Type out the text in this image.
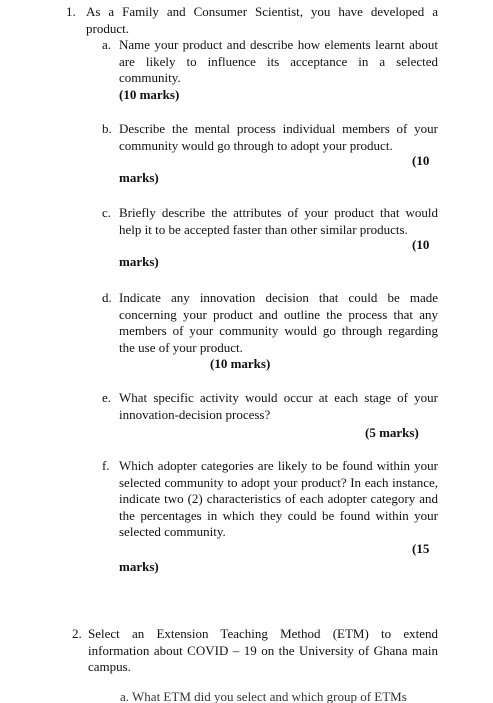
1. As a Family and Consumer Scientist, you have developed a product.
a. Name your product and describe how elements learnt about are likely to influence its acceptance in a selected community.
(10 marks)
b. Describe the mental process individual members of your community would go through to adopt your product.
(10
marks)
c. Briefly describe the attributes of your product that would help it to be accepted faster than other similar products.
(10
marks)
d. Indicate any innovation decision that could be made concerning your product and outline the process that any members of your community would go through regarding the use of your product.
(10 marks)
e. What specific activity would occur at each stage of your innovation-decision process?
(5 marks)
f. Which adopter categories are likely to be found within your selected community to adopt your product? In each instance, indicate two (2) characteristics of each adopter category and the percentages in which they could be found within your selected community.
(15
marks)
2. Select an Extension Teaching Method (ETM) to extend information about COVID – 19 on the University of Ghana main campus.
a. What ETM did you select and which group of ETMs
